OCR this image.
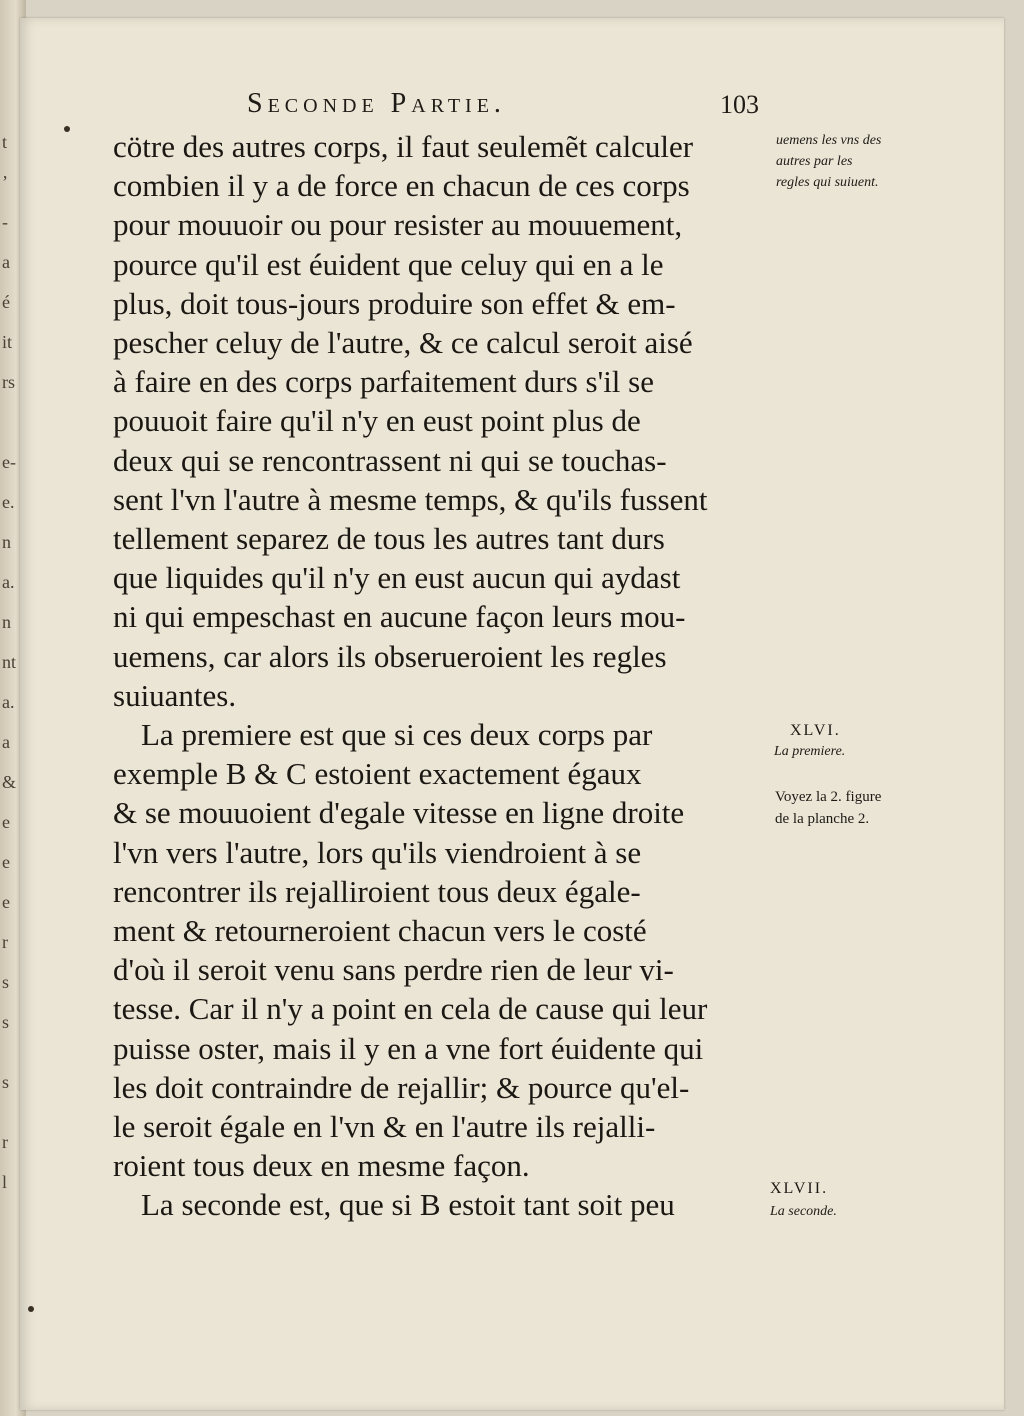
t
ʼ
-
a
é
it
rs
e-
e.
n
a.
n
nt
a.
a
&
e
e
e
r
s
s
s
r
l
Seconde Partie.	103
cötre des autres corps, il faut seulemẽt calculer
combien il y a de force en chacun de ces corps
pour mouuoir ou pour resister au mouuement,
pource qu'il est éuident que celuy qui en a le
plus, doit tous-jours produire son effet & em-
pescher celuy de l'autre, & ce calcul seroit aisé
à faire en des corps parfaitement durs s'il se
pouuoit faire qu'il n'y en eust point plus de
deux qui se rencontrassent ni qui se touchas-
sent l'vn l'autre à mesme temps, & qu'ils fussent
tellement separez de tous les autres tant durs
que liquides qu'il n'y en eust aucun qui aydast
ni qui empeschast en aucune façon leurs mou-
uemens, car alors ils obserueroient les regles
suiuantes.
La premiere est que si ces deux corps par
exemple B & C estoient exactement égaux
& se mouuoient d'egale vitesse en ligne droite
l'vn vers l'autre, lors qu'ils viendroient à se
rencontrer ils rejalliroient tous deux égale-
ment & retourneroient chacun vers le costé
d'où il seroit venu sans perdre rien de leur vi-
tesse. Car il n'y a point en cela de cause qui leur
puisse oster, mais il y en a vne fort éuidente qui
les doit contraindre de rejallir; & pource qu'el-
le seroit égale en l'vn & en l'autre ils rejalli-
roient tous deux en mesme façon.
La seconde est, que si B estoit tant soit peu
uemens les vns des autres par les regles qui suiuent.
XLVI.
La premiere.
Voyez la 2. figure de la planche 2.
XLVII.
La seconde.
